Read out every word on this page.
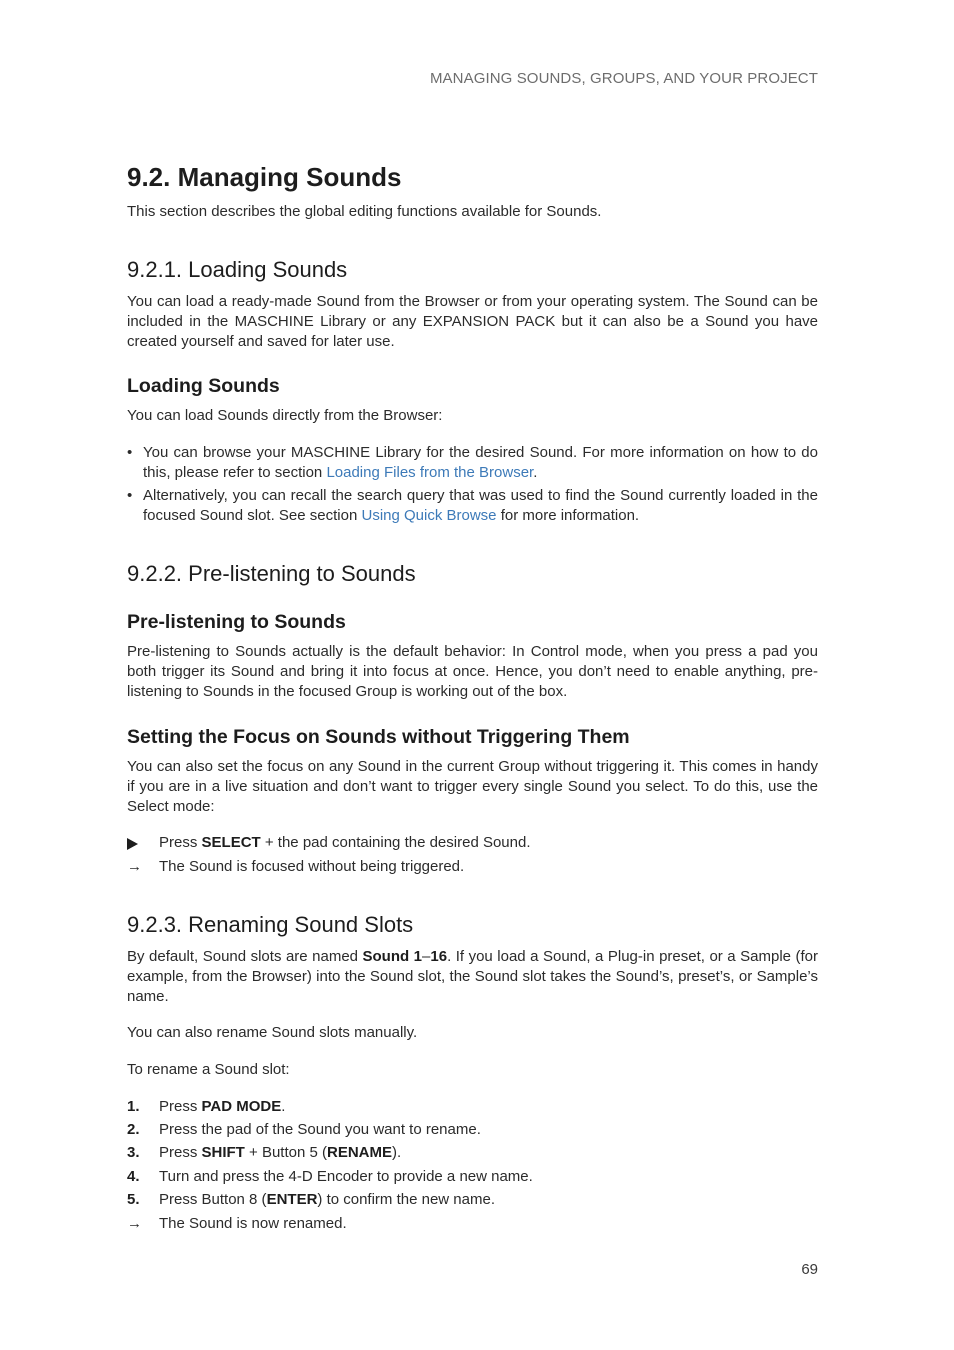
MANAGING SOUNDS, GROUPS, AND YOUR PROJECT
9.2. Managing Sounds

This section describes the global editing functions available for Sounds.

9.2.1. Loading Sounds

You can load a ready-made Sound from the Browser or from your operating system. The Sound can be included in the MASCHINE Library or any EXPANSION PACK but it can also be a Sound you have created yourself and saved for later use.

Loading Sounds

You can load Sounds directly from the Browser:

• You can browse your MASCHINE Library for the desired Sound. For more information on how to do this, please refer to section Loading Files from the Browser.
• Alternatively, you can recall the search query that was used to find the Sound currently loaded in the focused Sound slot. See section Using Quick Browse for more information.
9.2.2. Pre-listening to Sounds
Pre-listening to Sounds

Pre-listening to Sounds actually is the default behavior: In Control mode, when you press a pad you both trigger its Sound and bring it into focus at once. Hence, you don’t need to enable anything, pre-listening to Sounds in the focused Group is working out of the box.

Setting the Focus on Sounds without Triggering Them

You can also set the focus on any Sound in the current Group without triggering it. This comes in handy if you are in a live situation and don’t want to trigger every single Sound you select. To do this, use the Select mode:

Press SELECT + the pad containing the desired Sound.
→	The Sound is focused without being triggered.
9.2.3. Renaming Sound Slots

By default, Sound slots are named Sound 1–16. If you load a Sound, a Plug-in preset, or a Sample (for example, from the Browser) into the Sound slot, the Sound slot takes the Sound’s, preset’s, or Sample’s name.

You can also rename Sound slots manually.

To rename a Sound slot:

1.	Press PAD MODE.
2.	Press the pad of the Sound you want to rename.
3.	Press SHIFT + Button 5 (RENAME).
4.	Turn and press the 4-D Encoder to provide a new name.
5.	Press Button 8 (ENTER) to confirm the new name.
→	The Sound is now renamed.
69
